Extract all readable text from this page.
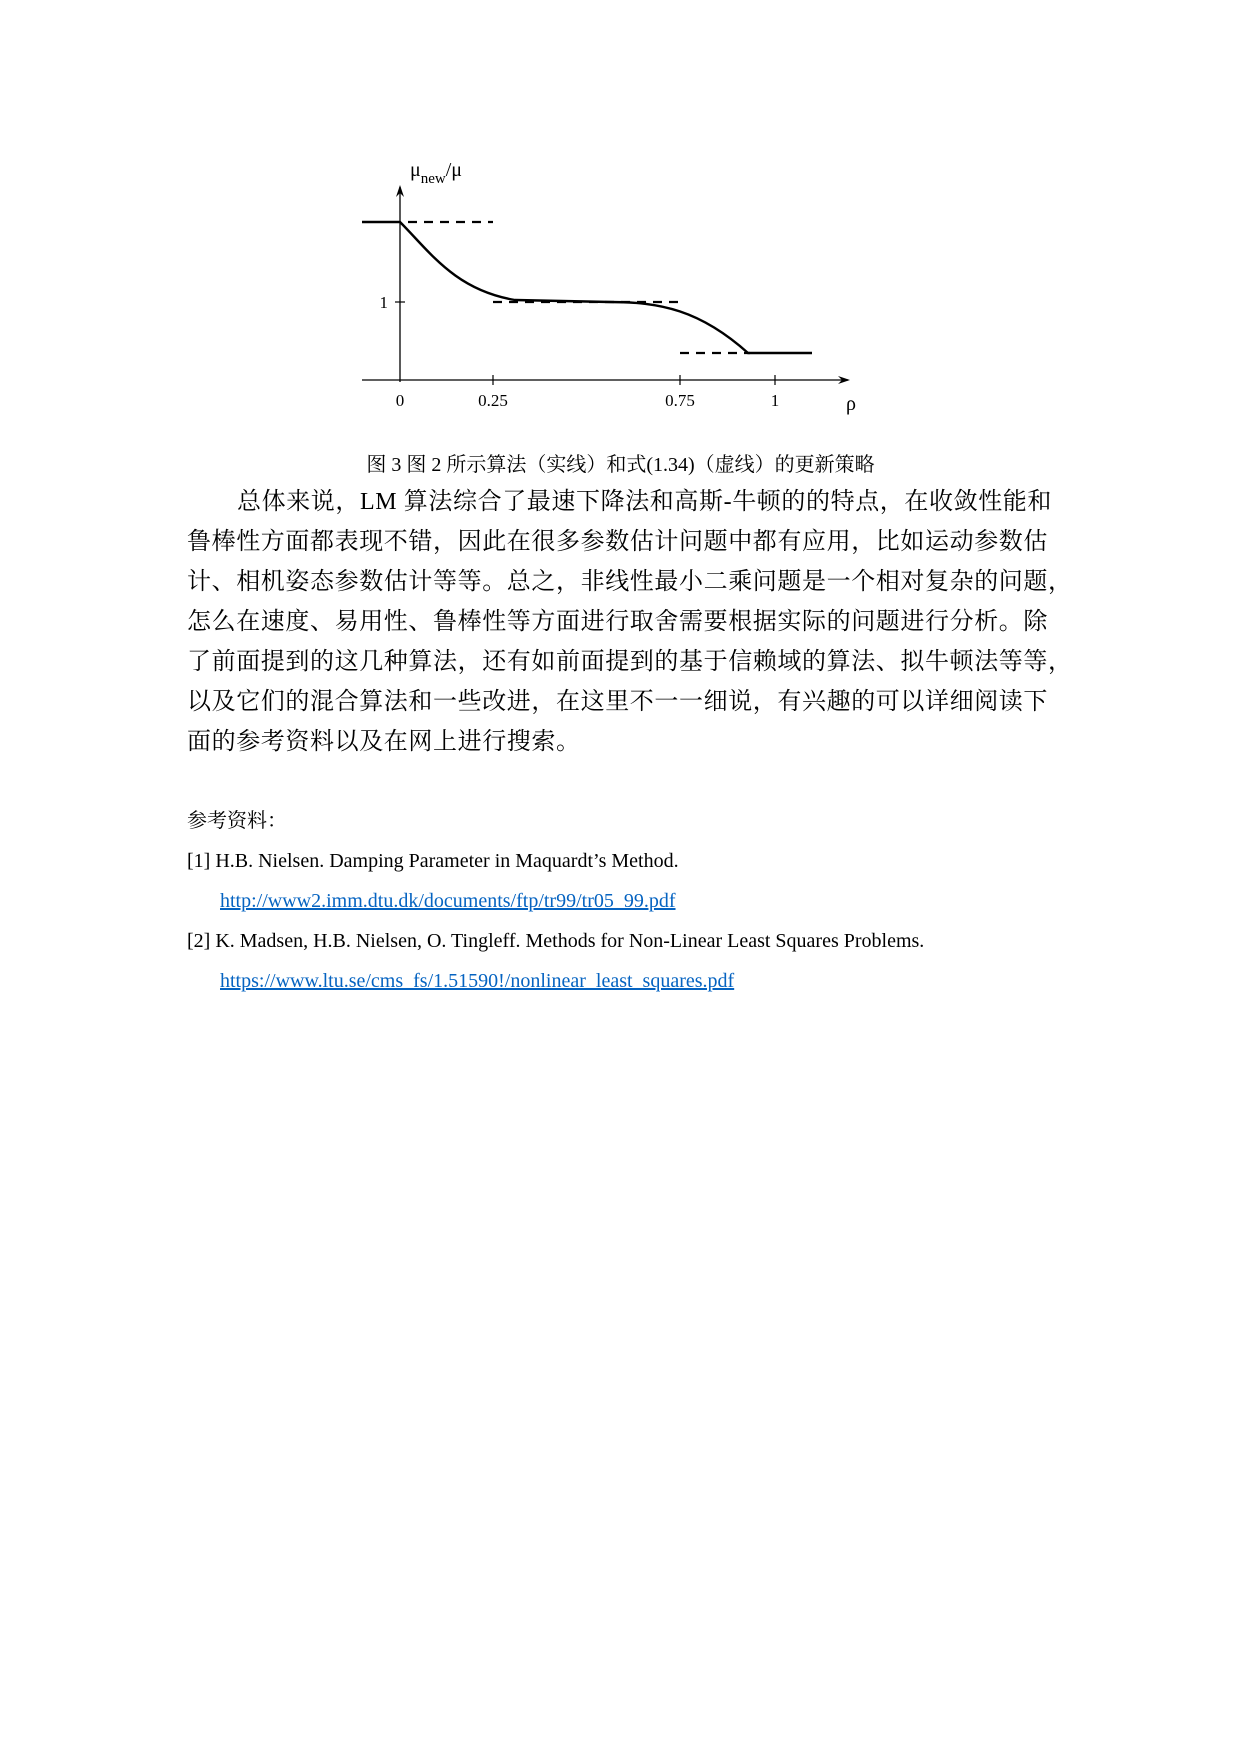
0	0.25	0.75	1
1
ρ
$\mu_{new}/\mu$
图 3 图 2 所示算法（实线）和式(1.34)（虚线）的更新策略
总体来说，LM 算法综合了最速下降法和高斯-牛顿的的特点，在收敛性能和
鲁棒性方面都表现不错，因此在很多参数估计问题中都有应用，比如运动参数估
计、相机姿态参数估计等等。总之，非线性最小二乘问题是一个相对复杂的问题，
怎么在速度、易用性、鲁棒性等方面进行取舍需要根据实际的问题进行分析。除
了前面提到的这几种算法，还有如前面提到的基于信赖域的算法、拟牛顿法等等，
以及它们的混合算法和一些改进，在这里不一一细说，有兴趣的可以详细阅读下
面的参考资料以及在网上进行搜索。
参考资料：
[1] H.B. Nielsen. Damping Parameter in Maquardt’s Method.
http://www2.imm.dtu.dk/documents/ftp/tr99/tr05_99.pdf
[2] K. Madsen, H.B. Nielsen, O. Tingleff. Methods for Non-Linear Least Squares Problems.
https://www.ltu.se/cms_fs/1.51590!/nonlinear_least_squares.pdf
